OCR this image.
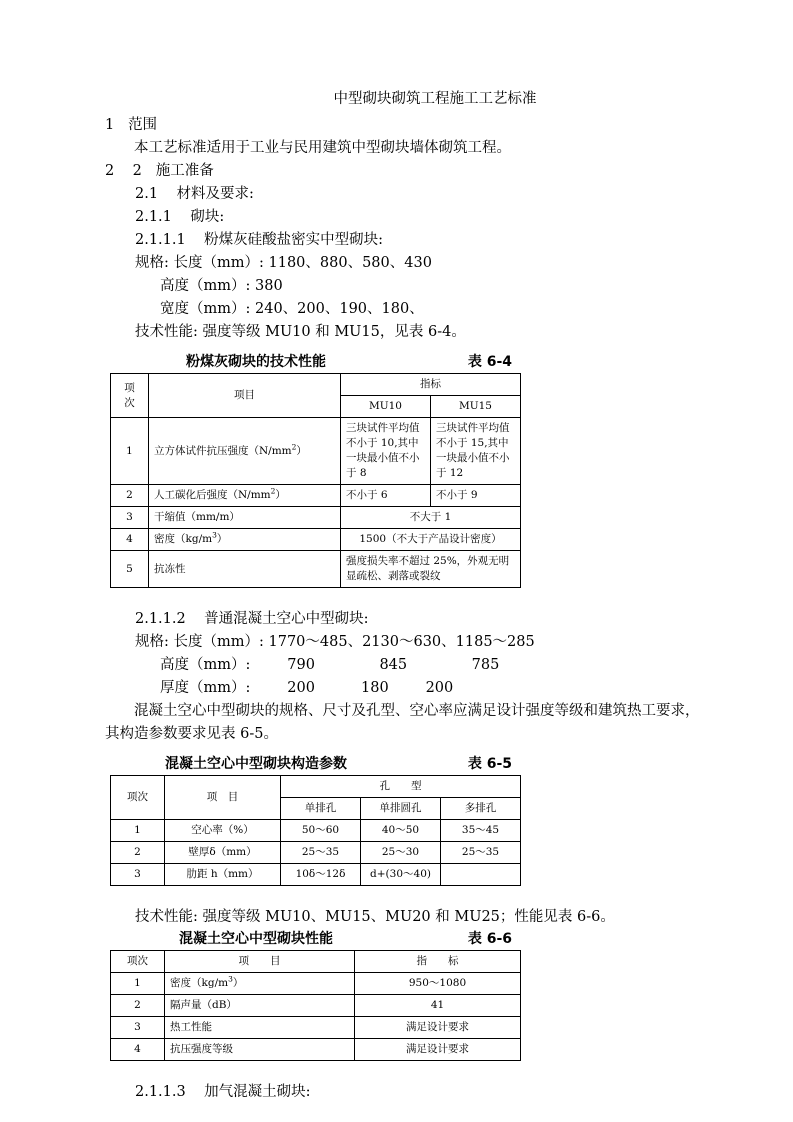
中型砌块砌筑工程施工工艺标准
1 范围
本工艺标准适用于工业与民用建筑中型砌块墙体砌筑工程。
2    2 施工准备
2.1    材料及要求:
2.1.1    砌块:
2.1.1.1    粉煤灰硅酸盐密实中型砌块:
规格: 长度（mm）: 1180、880、580、430
高度（mm）: 380
宽度（mm）: 240、200、190、180、
技术性能: 强度等级 MU10 和 MU15，见表 6-4。
粉煤灰砌块的技术性能	表 6-4
项
次	项目	指标	
		MU10	MU15
1	立方体试件抗压强度$(N/mm^2)$	三块试件平均值不小于 10,其中一块最小值不小于 8	三块试件平均值不小于 15,其中一块最小值不小于 12
2	人工碳化后强度$(N/mm^2)$	不小于 6	不小于 9
3	干缩值（mm/m）	不大于 1	
4	密度$(kg/m^3)$	1500（不大于产品设计密度）	
5	抗冻性	强度损失率不超过 25%，外观无明显疏松、剥落或裂纹	
2.1.1.2    普通混凝土空心中型砌块:
规格: 长度（mm）: 1770～485、2130～630、1185～285
高度（mm）:        790              845              785
厚度（mm）:        200          180        200
混凝土空心中型砌块的规格、尺寸及孔型、空心率应满足设计强度等级和建筑热工要求，
其构造参数要求见表 6-5。
混凝土空心中型砌块构造参数	表 6-5
项次	项　目	孔　　型		
		单排孔	单排圆孔	多排孔
1	空心率（%）	50～60	40～50	35～45
2	壁厚δ（mm）	25～35	25～30	25～35
3	肋距 h（mm）	10δ～12δ	d+(30～40)	
技术性能: 强度等级 MU10、MU15、MU20 和 MU25；性能见表 6-6。
混凝土空心中型砌块性能	表 6-6
项次	项　　目	指　　标
1	密度$(kg/m^3)$	950～1080
2	隔声量（dB）	41
3	热工性能	满足设计要求
4	抗压强度等级	满足设计要求
2.1.1.3    加气混凝土砌块:
